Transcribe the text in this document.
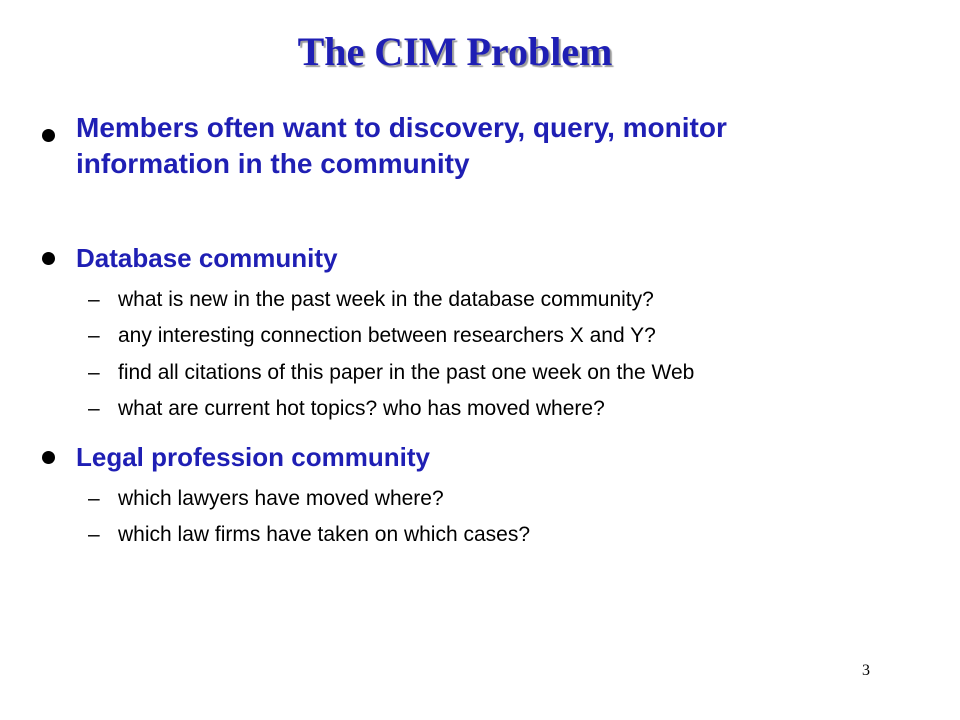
The CIM Problem
Members often want to discovery, query, monitor
information in the community
Database community
– what is new in the past week in the database community?
– any interesting connection between researchers X and Y?
– find all citations of this paper in the past one week on the Web
– what are current hot topics? who has moved where?
Legal profession community
– which lawyers have moved where?
– which law firms have taken on which cases?
3
